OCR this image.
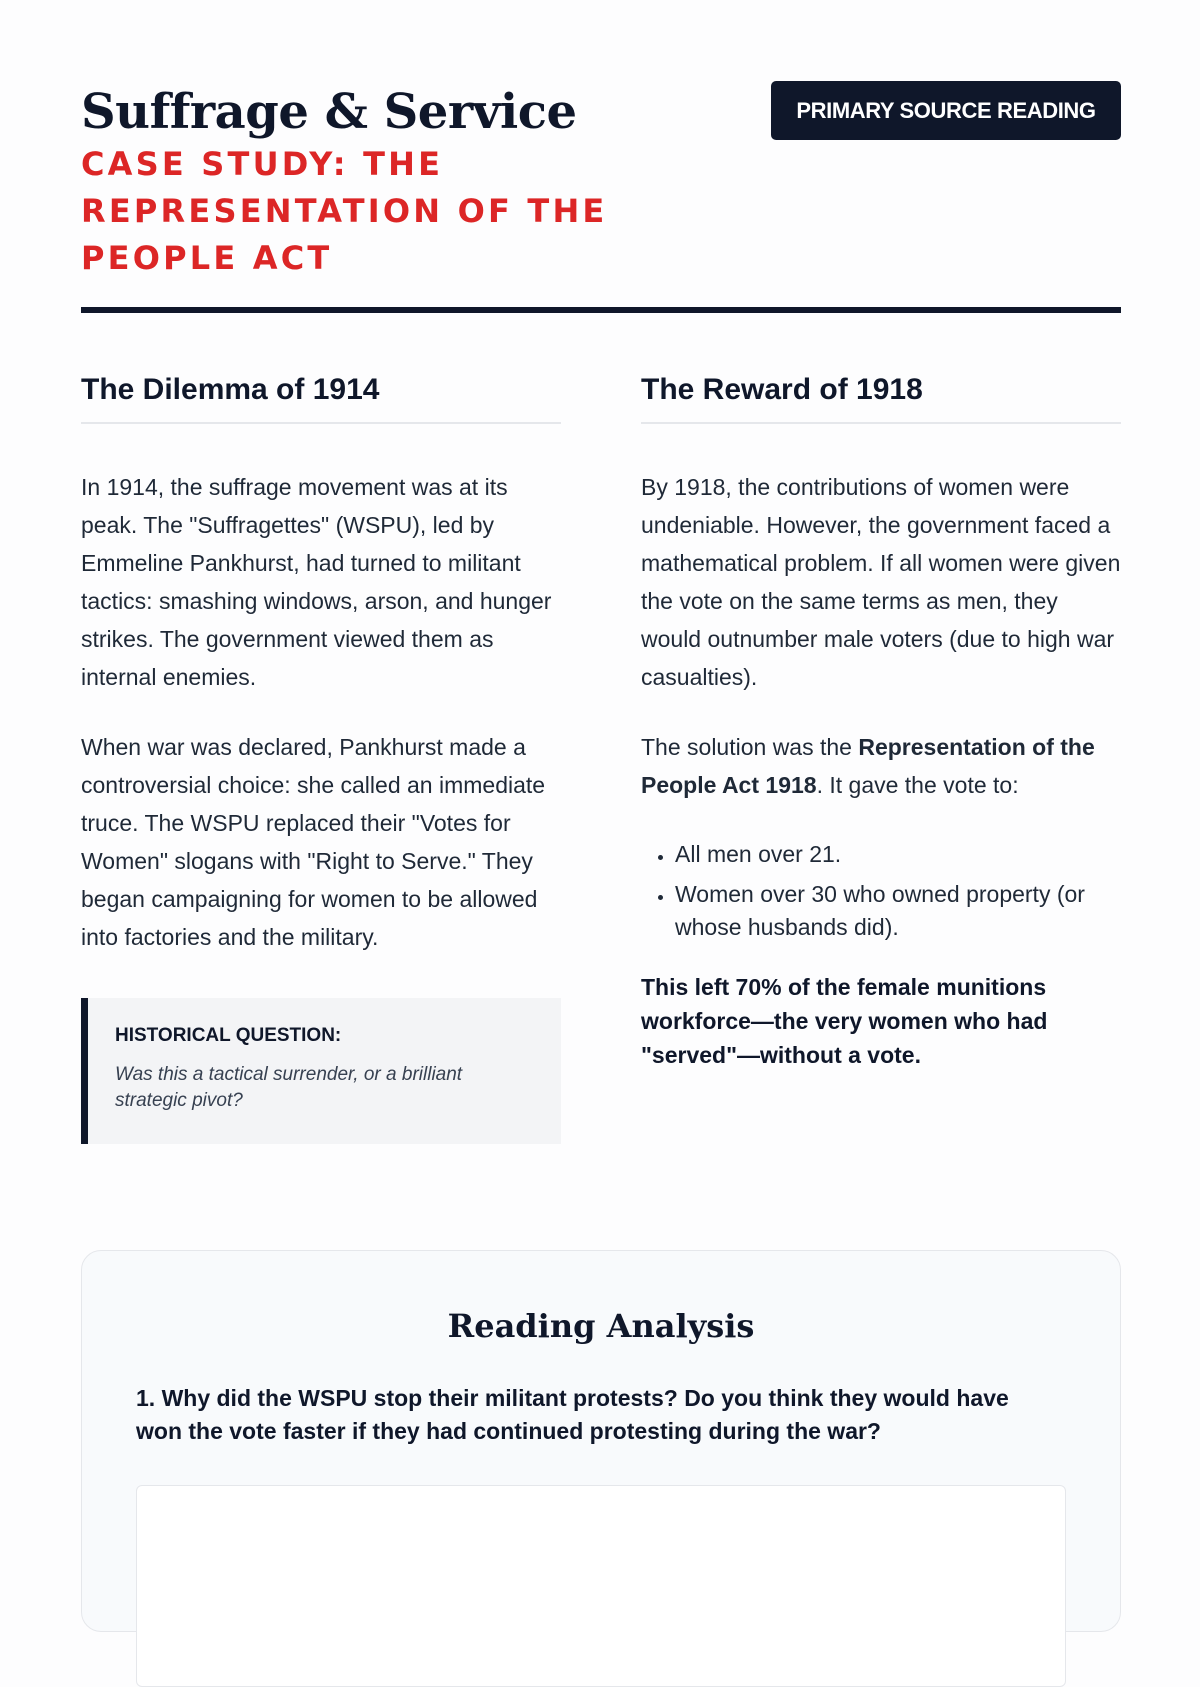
Suffrage & Service
CASE STUDY: THE REPRESENTATION OF THE PEOPLE ACT
PRIMARY SOURCE READING
The Dilemma of 1914

In 1914, the suffrage movement was at its peak. The "Suffragettes" (WSPU), led by Emmeline Pankhurst, had turned to militant tactics: smashing windows, arson, and hunger strikes. The government viewed them as internal enemies.

When war was declared, Pankhurst made a controversial choice: she called an immediate truce. The WSPU replaced their "Votes for Women" slogans with "Right to Serve." They began campaigning for women to be allowed into factories and the military.

HISTORICAL QUESTION:
Was this a tactical surrender, or a brilliant strategic pivot?
The Reward of 1918

By 1918, the contributions of women were undeniable. However, the government faced a mathematical problem. If all women were given the vote on the same terms as men, they would outnumber male voters (due to high war casualties).

The solution was the Representation of the People Act 1918. It gave the vote to:

• All men over 21.
• Women over 30 who owned property (or whose husbands did).
This left 70% of the female munitions workforce—the very women who had "served"—without a vote.
Reading Analysis
1. Why did the WSPU stop their militant protests? Do you think they would have won the vote faster if they had continued protesting during the war?
